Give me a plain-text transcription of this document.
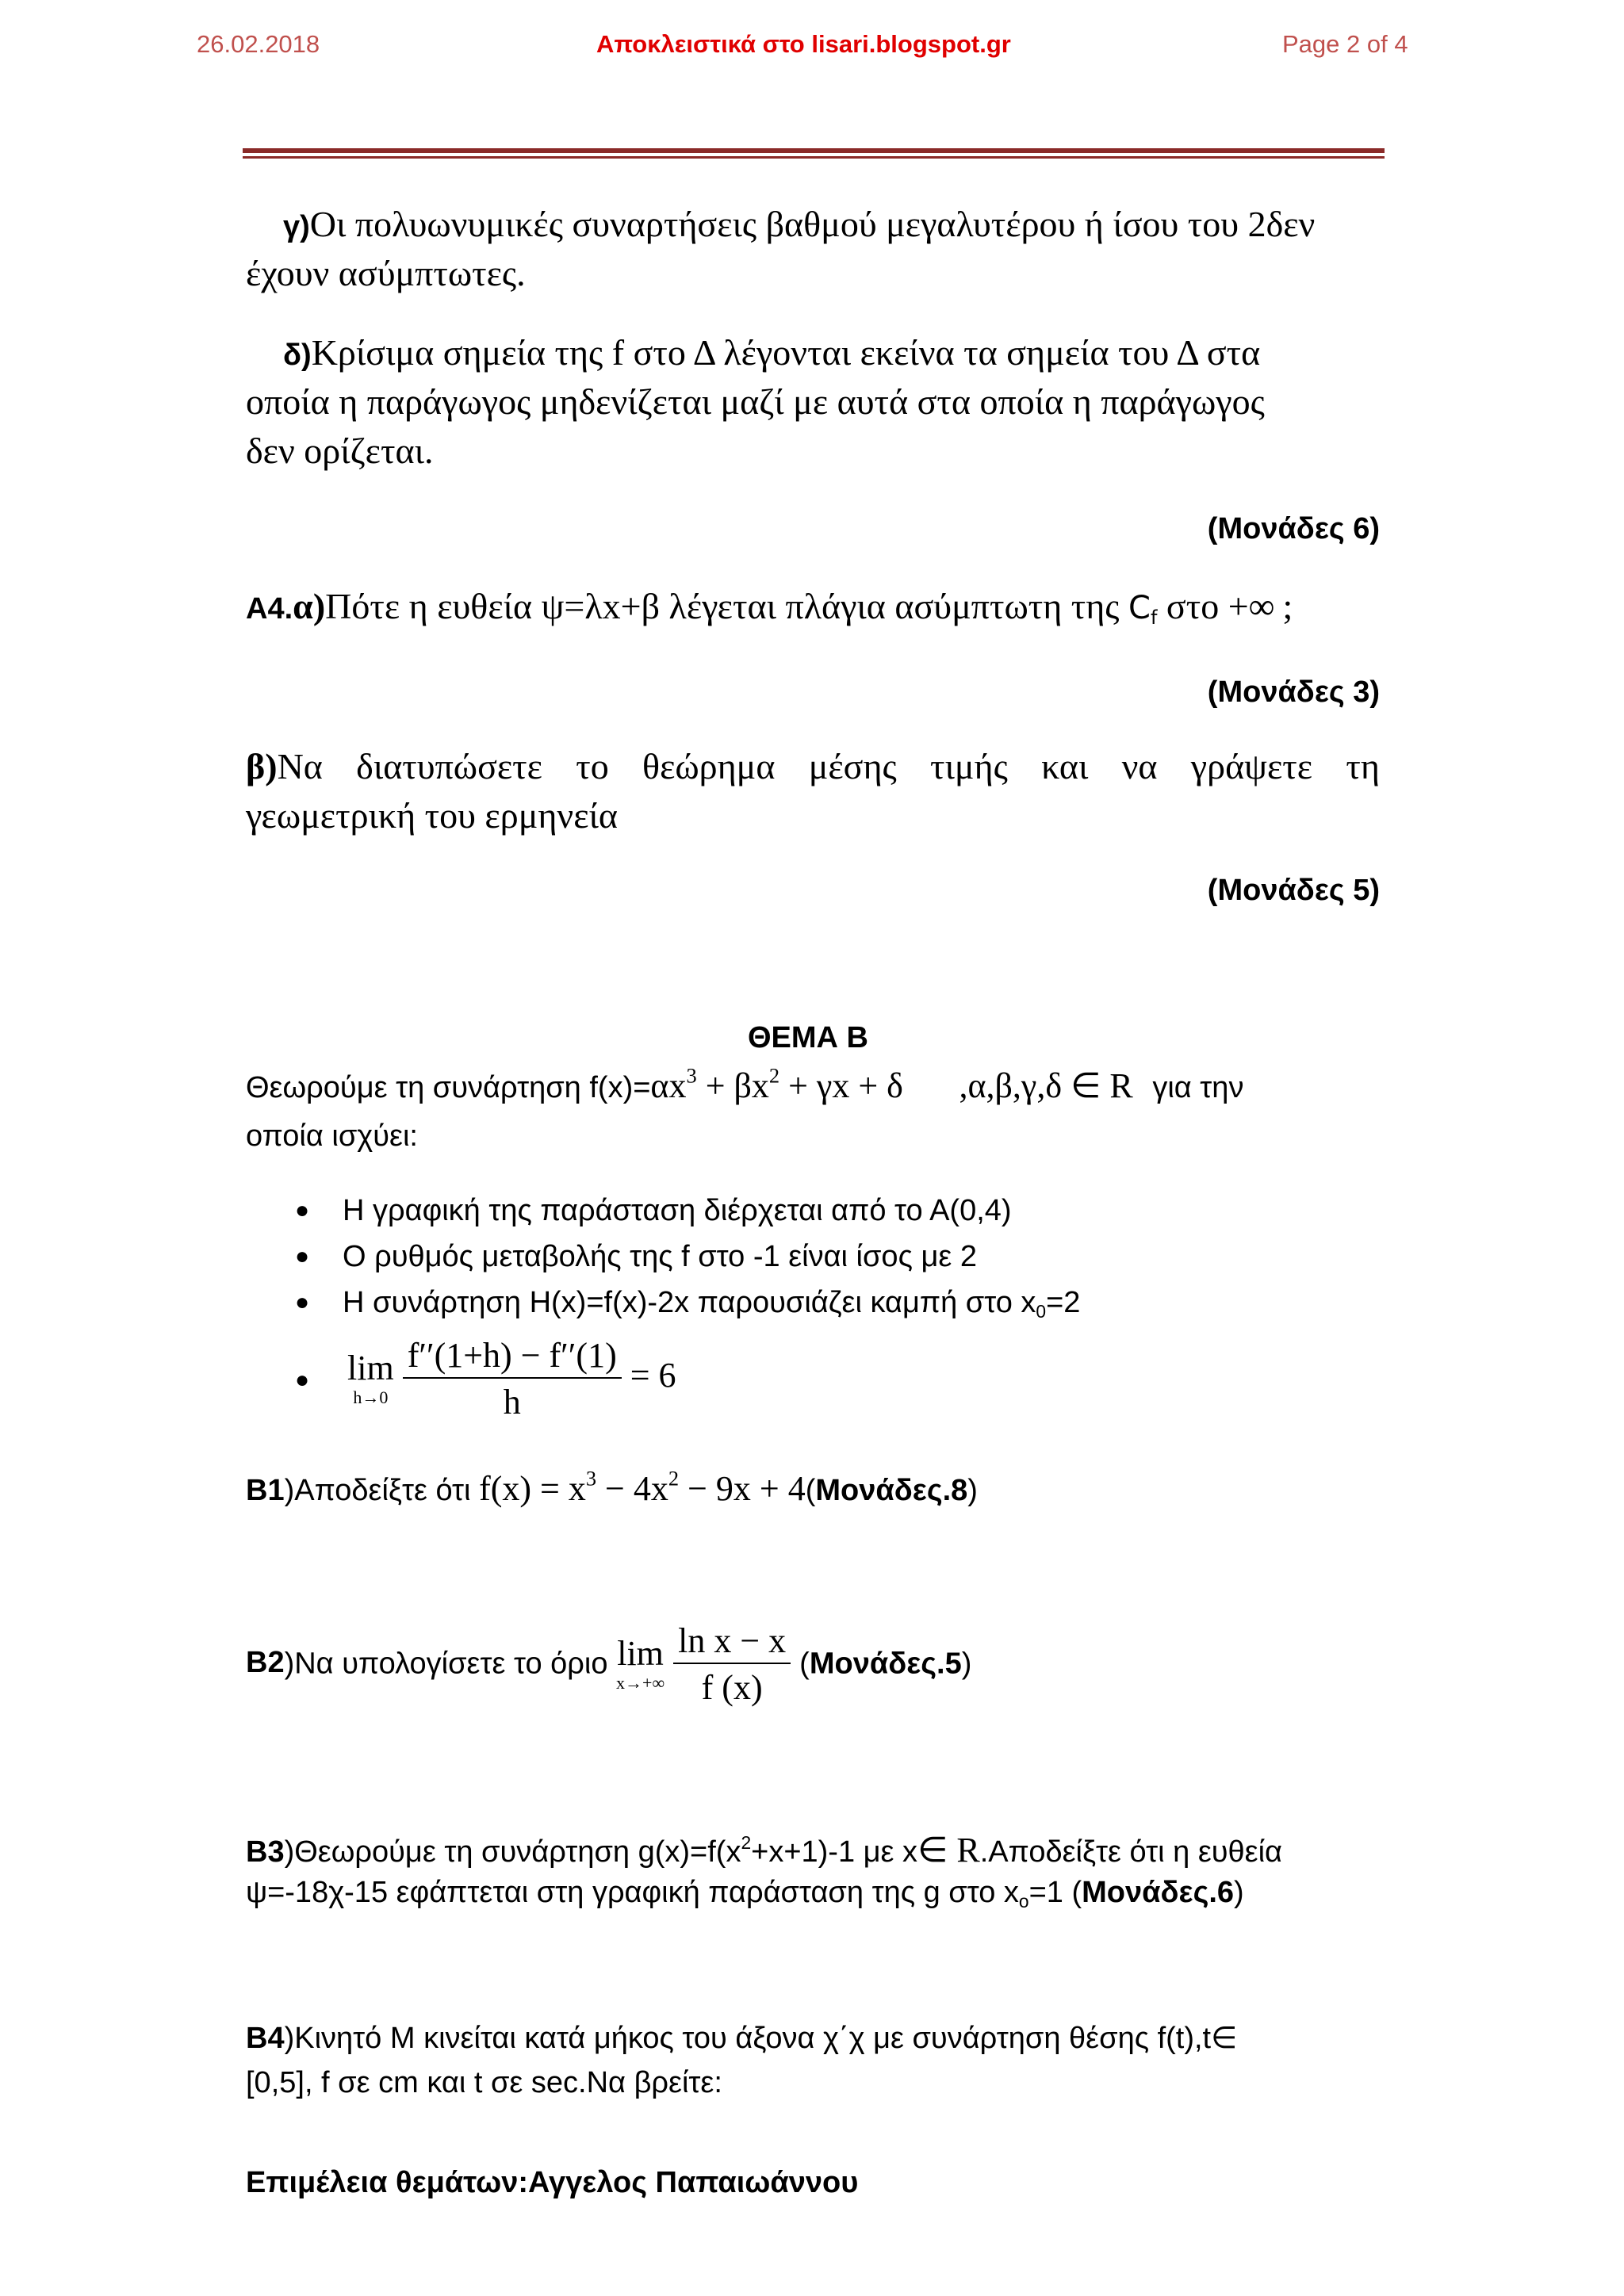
26.02.2018	Αποκλειστικά στο lisari.blogspot.gr	Page 2 of 4
γ)Οι πολυωνυμικές συναρτήσεις βαθμού μεγαλυτέρου ή ίσου του 2δεν
έχουν ασύμπτωτες.
δ)Κρίσιμα σημεία της f στο Δ λέγονται εκείνα τα σημεία του Δ στα
οποία η παράγωγος μηδενίζεται μαζί με αυτά στα οποία η παράγωγος
δεν ορίζεται.
(Μονάδες 6)
Α4.α)Πότε η ευθεία ψ=λx+β λέγεται πλάγια ασύμπτωτη της $C_f$ στο +∞ ;
(Μονάδες 3)
β)Να διατυπώσετε το θεώρημα μέσης τιμής και να γράψετε τη
γεωμετρική του ερμηνεία
(Μονάδες 5)
ΘΕΜΑ Β
Θεωρούμε τη συνάρτηση $f(x)=\alpha x^3 + \beta x^2 + \gamma x + \delta$ ,α,β,γ,δ ∈ R για την
οποία ισχύει:
● Η γραφική της παράσταση διέρχεται από το Α(0,4)
● Ο ρυθμός μεταβολής της f στο -1 είναι ίσος με 2
● Η συνάρτηση H(x)=f(x)-2x παρουσιάζει καμπή στο $x_0=2$
● lim
h→0
$\frac{f''(1+h) - f''(1)}{h} = 6$
Β1)Αποδείξτε ότι $f(x) = x^3 - 4x^2 - 9x + 4(Mo\nu ά\delta\varepsilon\varsigma.8)$
Β2)Να υπολογίσετε το όριο lim
x→+∞
$\frac{\text{ln x − x}}{f (x)} (Mo\nu ά\delta\varepsilon\varsigma.5)$
Β3)Θεωρούμε τη συνάρτηση $g(x)=f(x^2+x+1)-1$ με x∈ R.Αποδείξτε ότι η ευθεία
ψ=-18χ-15 εφάπτεται στη γραφική παράσταση της g στο $x_o=1$ (Μονάδες.6)
Β4)Κινητό Μ κινείται κατά μήκος του άξονα χ΄χ με συνάρτηση θέσης f(t),t∈
[0,5], f σε cm και t σε sec.Να βρείτε:
Επιμέλεια θεμάτων:Αγγελος Παπαιωάννου
